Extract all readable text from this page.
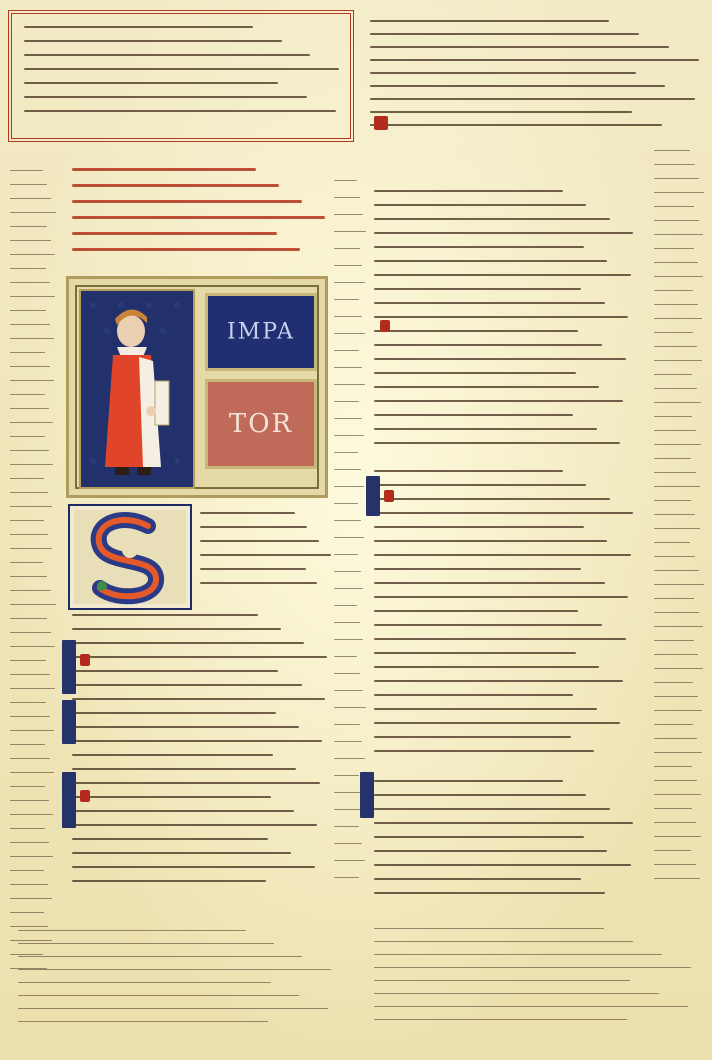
IMPA
TOR
